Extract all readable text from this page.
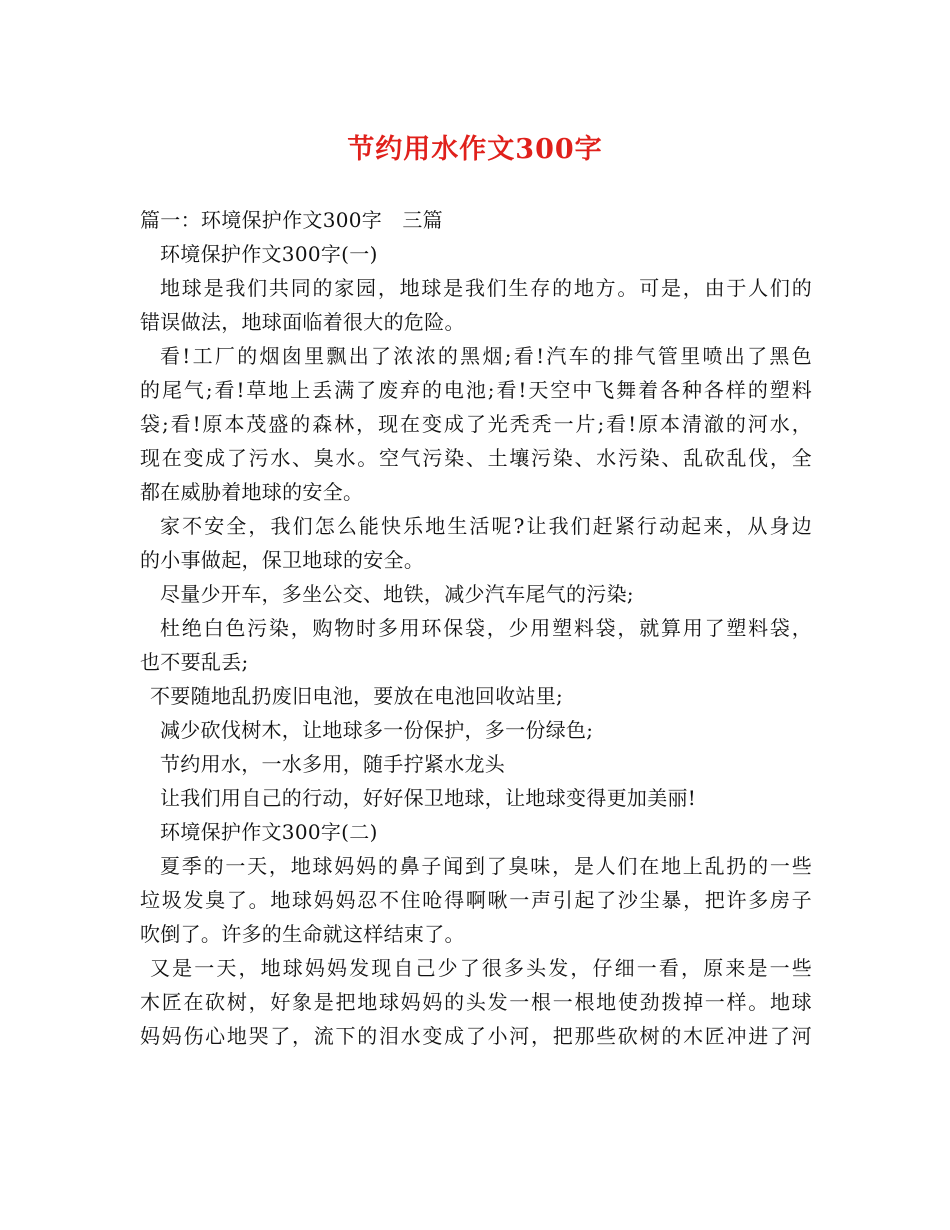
节约用水作文300字
篇一：环境保护作文300字　三篇
环境保护作文300字(一)
地球是我们共同的家园，地球是我们生存的地方。可是，由于人们的
错误做法，地球面临着很大的危险。
看!工厂的烟囱里飘出了浓浓的黑烟;看!汽车的排气管里喷出了黑色
的尾气;看!草地上丢满了废弃的电池;看!天空中飞舞着各种各样的塑料
袋;看!原本茂盛的森林，现在变成了光秃秃一片;看!原本清澈的河水，
现在变成了污水、臭水。空气污染、土壤污染、水污染、乱砍乱伐，全
都在威胁着地球的安全。
家不安全，我们怎么能快乐地生活呢?让我们赶紧行动起来，从身边
的小事做起，保卫地球的安全。
尽量少开车，多坐公交、地铁，减少汽车尾气的污染;
杜绝白色污染，购物时多用环保袋，少用塑料袋，就算用了塑料袋，
也不要乱丢;
不要随地乱扔废旧电池，要放在电池回收站里;
减少砍伐树木，让地球多一份保护，多一份绿色;
节约用水，一水多用，随手拧紧水龙头
让我们用自己的行动，好好保卫地球，让地球变得更加美丽!
环境保护作文300字(二)
夏季的一天，地球妈妈的鼻子闻到了臭味，是人们在地上乱扔的一些
垃圾发臭了。地球妈妈忍不住呛得啊啾一声引起了沙尘暴，把许多房子
吹倒了。许多的生命就这样结束了。
又是一天，地球妈妈发现自己少了很多头发，仔细一看，原来是一些
木匠在砍树，好象是把地球妈妈的头发一根一根地使劲拨掉一样。地球
妈妈伤心地哭了，流下的泪水变成了小河，把那些砍树的木匠冲进了河
